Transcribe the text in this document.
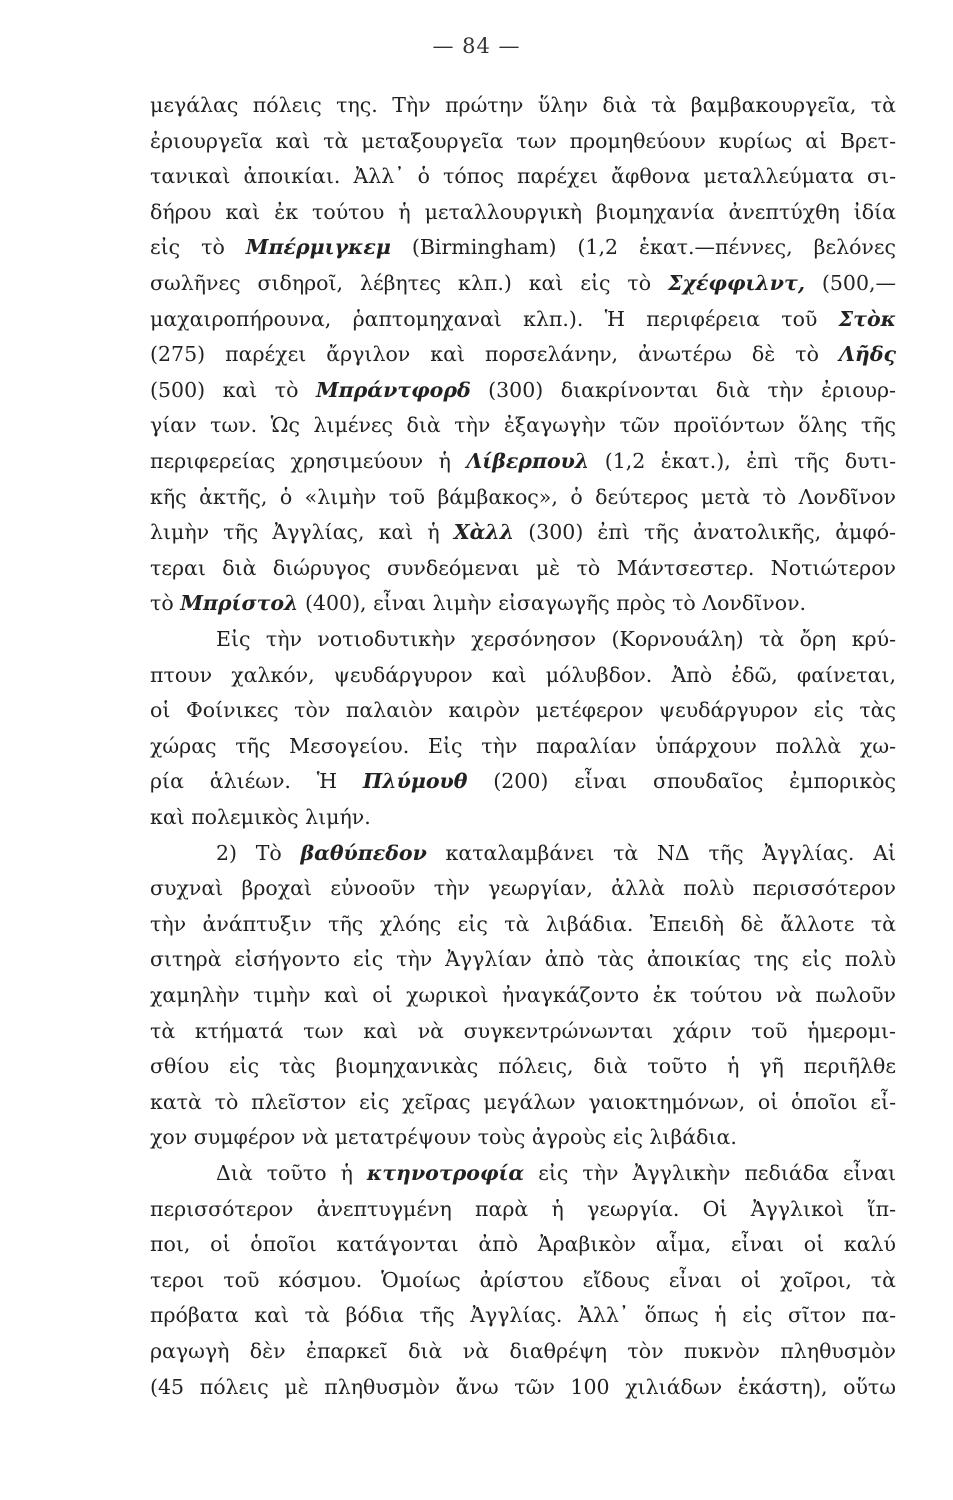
— 84 —
μεγάλας πόλεις της. Τὴν πρώτην ὕλην διὰ τὰ βαμβακουργεῖα, τὰ
ἐριουργεῖα καὶ τὰ μεταξουργεῖα των προμηθεύουν κυρίως αἱ Βρετ-
τανικαὶ ἀποικίαι. Ἀλλ᾽ ὁ τόπος παρέχει ἄφθονα μεταλλεύματα σι-
δήρου καὶ ἐκ τούτου ἡ μεταλλουργικὴ βιομηχανία ἀνεπτύχθη ἰδία
εἰς τὸ Μπέρμιγκεμ (Birmingham) (1,2 ἑκατ.—πέννες, βελόνες
σωλῆνες σιδηροῖ, λέβητες κλπ.) καὶ εἰς τὸ Σχέφφιλντ, (500,—
μαχαιροπήρουνα, ῥαπτομηχαναὶ κλπ.). Ἡ περιφέρεια τοῦ Στὸκ
(275) παρέχει ἄργιλον καὶ πορσελάνην, ἀνωτέρω δὲ τὸ Λῆδς
(500) καὶ τὸ Μπράντφορδ (300) διακρίνονται διὰ τὴν ἐριουρ-
γίαν των. Ὡς λιμένες διὰ τὴν ἐξαγωγὴν τῶν προϊόντων ὅλης τῆς
περιφερείας χρησιμεύουν ἡ Λίβερπουλ (1,2 ἑκατ.), ἐπὶ τῆς δυτι-
κῆς ἀκτῆς, ὁ «λιμὴν τοῦ βάμβακος», ὁ δεύτερος μετὰ τὸ Λονδῖνον
λιμὴν τῆς Ἀγγλίας, καὶ ἡ Χὰλλ (300) ἐπὶ τῆς ἀνατολικῆς, ἀμφό-
τεραι διὰ διώρυγος συνδεόμεναι μὲ τὸ Μάντσεστερ. Νοτιώτερον
τὸ Μπρίστολ (400), εἶναι λιμὴν εἰσαγωγῆς πρὸς τὸ Λονδῖνον.
Εἰς τὴν νοτιοδυτικὴν χερσόνησον (Κορνουάλη) τὰ ὄρη κρύ-
πτουν χαλκόν, ψευδάργυρον καὶ μόλυβδον. Ἀπὸ ἐδῶ, φαίνεται,
οἱ Φοίνικες τὸν παλαιὸν καιρὸν μετέφερον ψευδάργυρον εἰς τὰς
χώρας τῆς Μεσογείου. Εἰς τὴν παραλίαν ὑπάρχουν πολλὰ χω-
ρία ἁλιέων. Ἡ Πλύμουθ (200) εἶναι σπουδαῖος ἐμπορικὸς
καὶ πολεμικὸς λιμήν.
2) Τὸ βαθύπεδον καταλαμβάνει τὰ ΝΔ τῆς Ἀγγλίας. Αἱ
συχναὶ βροχαὶ εὐνοοῦν τὴν γεωργίαν, ἀλλὰ πολὺ περισσότερον
τὴν ἀνάπτυξιν τῆς χλόης εἰς τὰ λιβάδια. Ἐπειδὴ δὲ ἄλλοτε τὰ
σιτηρὰ εἰσήγοντο εἰς τὴν Ἀγγλίαν ἀπὸ τὰς ἀποικίας της εἰς πολὺ
χαμηλὴν τιμὴν καὶ οἱ χωρικοὶ ἠναγκάζοντο ἐκ τούτου νὰ πωλοῦν
τὰ κτήματά των καὶ νὰ συγκεντρώνωνται χάριν τοῦ ἡμερομι-
σθίου εἰς τὰς βιομηχανικὰς πόλεις, διὰ τοῦτο ἡ γῆ περιῆλθε
κατὰ τὸ πλεῖστον εἰς χεῖρας μεγάλων γαιοκτημόνων, οἱ ὁποῖοι εἶ-
χον συμφέρον νὰ μετατρέψουν τοὺς ἀγροὺς εἰς λιβάδια.
Διὰ τοῦτο ἡ κτηνοτροφία εἰς τὴν Ἀγγλικὴν πεδιάδα εἶναι
περισσότερον ἀνεπτυγμένη παρὰ ἡ γεωργία. Οἱ Ἀγγλικοὶ ἵπ-
ποι, οἱ ὁποῖοι κατάγονται ἀπὸ Ἀραβικὸν αἷμα, εἶναι οἱ καλύ
τεροι τοῦ κόσμου. Ὁμοίως ἀρίστου εἴδους εἶναι οἱ χοῖροι, τὰ
πρόβατα καὶ τὰ βόδια τῆς Ἀγγλίας. Ἀλλ᾽ ὅπως ἡ εἰς σῖτον πα-
ραγωγὴ δὲν ἐπαρκεῖ διὰ νὰ διαθρέψη τὸν πυκνὸν πληθυσμὸν
(45 πόλεις μὲ πληθυσμὸν ἄνω τῶν 100 χιλιάδων ἑκάστη), οὕτω
